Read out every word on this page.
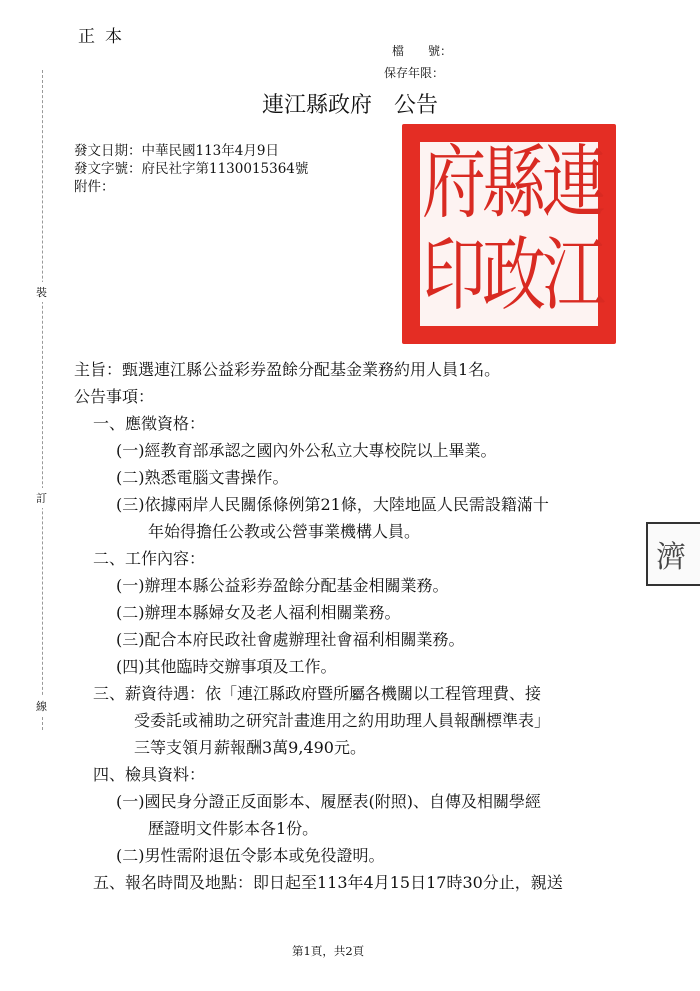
正本
檔　　號：
保存年限：
連江縣政府 公告
發文日期：中華民國113年4月9日
發文字號：府民社字第1130015364號
附件：	連
縣
府
江
政
印
裝
訂
線
濟
主旨：甄選連江縣公益彩券盈餘分配基金業務約用人員1名。
公告事項：
一、應徵資格：
(一)經教育部承認之國內外公私立大專校院以上畢業。
(二)熟悉電腦文書操作。
(三)依據兩岸人民關係條例第21條，大陸地區人民需設籍滿十
年始得擔任公教或公營事業機構人員。
二、工作內容：
(一)辦理本縣公益彩券盈餘分配基金相關業務。
(二)辦理本縣婦女及老人福利相關業務。
(三)配合本府民政社會處辦理社會福利相關業務。
(四)其他臨時交辦事項及工作。
三、薪資待遇：依「連江縣政府暨所屬各機關以工程管理費、接
受委託或補助之研究計畫進用之約用助理人員報酬標準表」
三等支領月薪報酬3萬9,490元。
四、檢具資料：
(一)國民身分證正反面影本、履歷表(附照)、自傳及相關學經
歷證明文件影本各1份。
(二)男性需附退伍令影本或免役證明。
五、報名時間及地點：即日起至113年4月15日17時30分止，親送
第1頁，共2頁
